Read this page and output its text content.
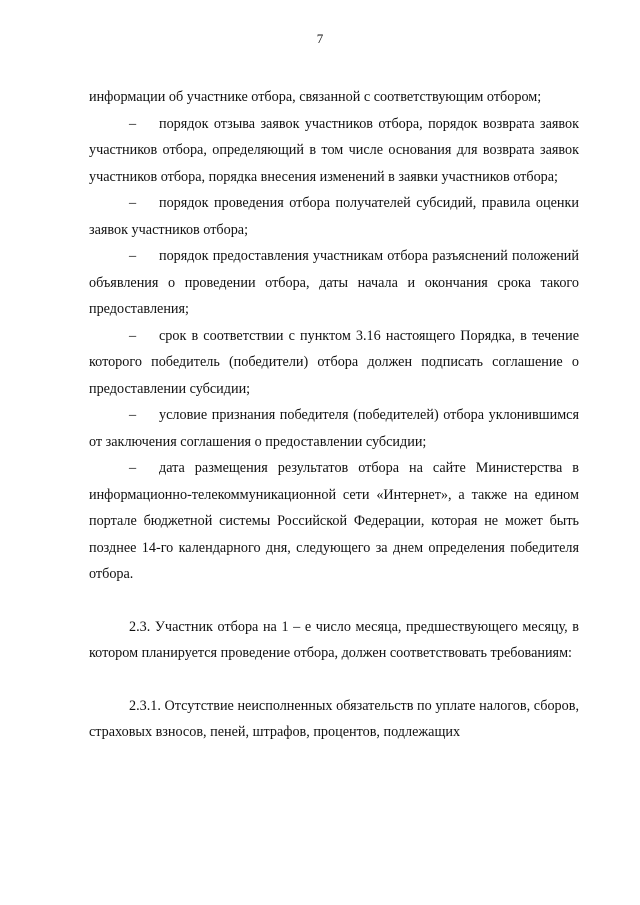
7

информации об участнике отбора, связанной с соответствующим отбором;

– порядок отзыва заявок участников отбора, порядок возврата заявок участников отбора, определяющий в том числе основания для возврата заявок участников отбора, порядка внесения изменений в заявки участников отбора;

– порядок проведения отбора получателей субсидий, правила оценки заявок участников отбора;

– порядок предоставления участникам отбора разъяснений положений объявления о проведении отбора, даты начала и окончания срока такого предоставления;

– срок в соответствии с пунктом 3.16 настоящего Порядка, в течение которого победитель (победители) отбора должен подписать соглашение о предоставлении субсидии;

– условие признания победителя (победителей) отбора уклонившимся от заключения соглашения о предоставлении субсидии;

– дата размещения результатов отбора на сайте Министерства в информационно-телекоммуникационной сети «Интернет», а также на едином портале бюджетной системы Российской Федерации, которая не может быть позднее 14-го календарного дня, следующего за днем определения победителя отбора.

2.3. Участник отбора на 1 – е число месяца, предшествующего месяцу, в котором планируется проведение отбора, должен соответствовать требованиям:

2.3.1. Отсутствие неисполненных обязательств по уплате налогов, сборов, страховых взносов, пеней, штрафов, процентов, подлежащих
